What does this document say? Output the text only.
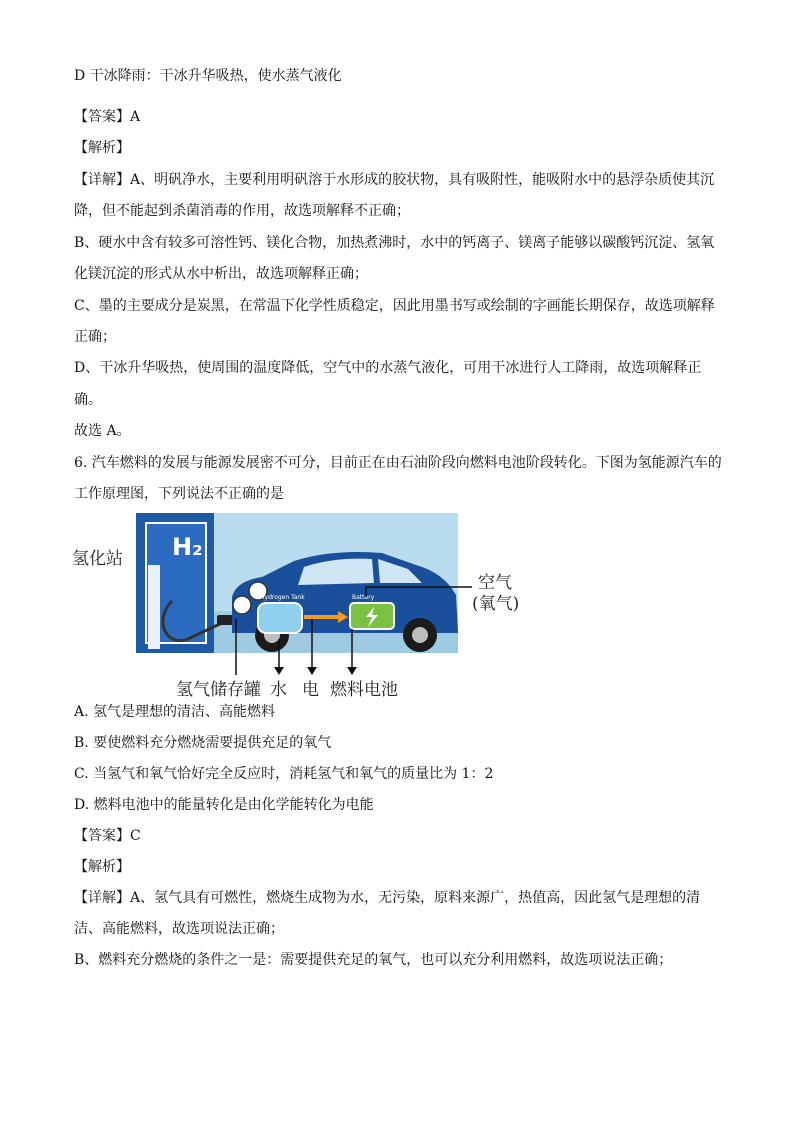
D 干冰降雨：干冰升华吸热，使水蒸气液化
【答案】A
【解析】
【详解】A、明矾净水，主要利用明矾溶于水形成的胶状物，具有吸附性，能吸附水中的悬浮杂质使其沉
降，但不能起到杀菌消毒的作用，故选项解释不正确；
B、硬水中含有较多可溶性钙、镁化合物，加热煮沸时，水中的钙离子、镁离子能够以碳酸钙沉淀、氢氧
化镁沉淀的形式从水中析出，故选项解释正确；
C、墨的主要成分是炭黑，在常温下化学性质稳定，因此用墨书写或绘制的字画能长期保存，故选项解释
正确；
D、干冰升华吸热，使周围的温度降低，空气中的水蒸气液化，可用干冰进行人工降雨，故选项解释正
确。
故选 A。
6. 汽车燃料的发展与能源发展密不可分，目前正在由石油阶段向燃料电池阶段转化。下图为氢能源汽车的
工作原理图，下列说法不正确的是
氢化站 H₂
Hydrogen Tank	Battery
空气
(氧气)
氢气储存罐 水 电 燃料电池
A. 氢气是理想的清洁、高能燃料
B. 要使燃料充分燃烧需要提供充足的氧气
C. 当氢气和氧气恰好完全反应时，消耗氢气和氧气的质量比为 1：2
D. 燃料电池中的能量转化是由化学能转化为电能
【答案】C
【解析】
【详解】A、氢气具有可燃性，燃烧生成物为水，无污染，原料来源广，热值高，因此氢气是理想的清
洁、高能燃料，故选项说法正确；
B、燃料充分燃烧的条件之一是：需要提供充足的氧气，也可以充分利用燃料，故选项说法正确；
